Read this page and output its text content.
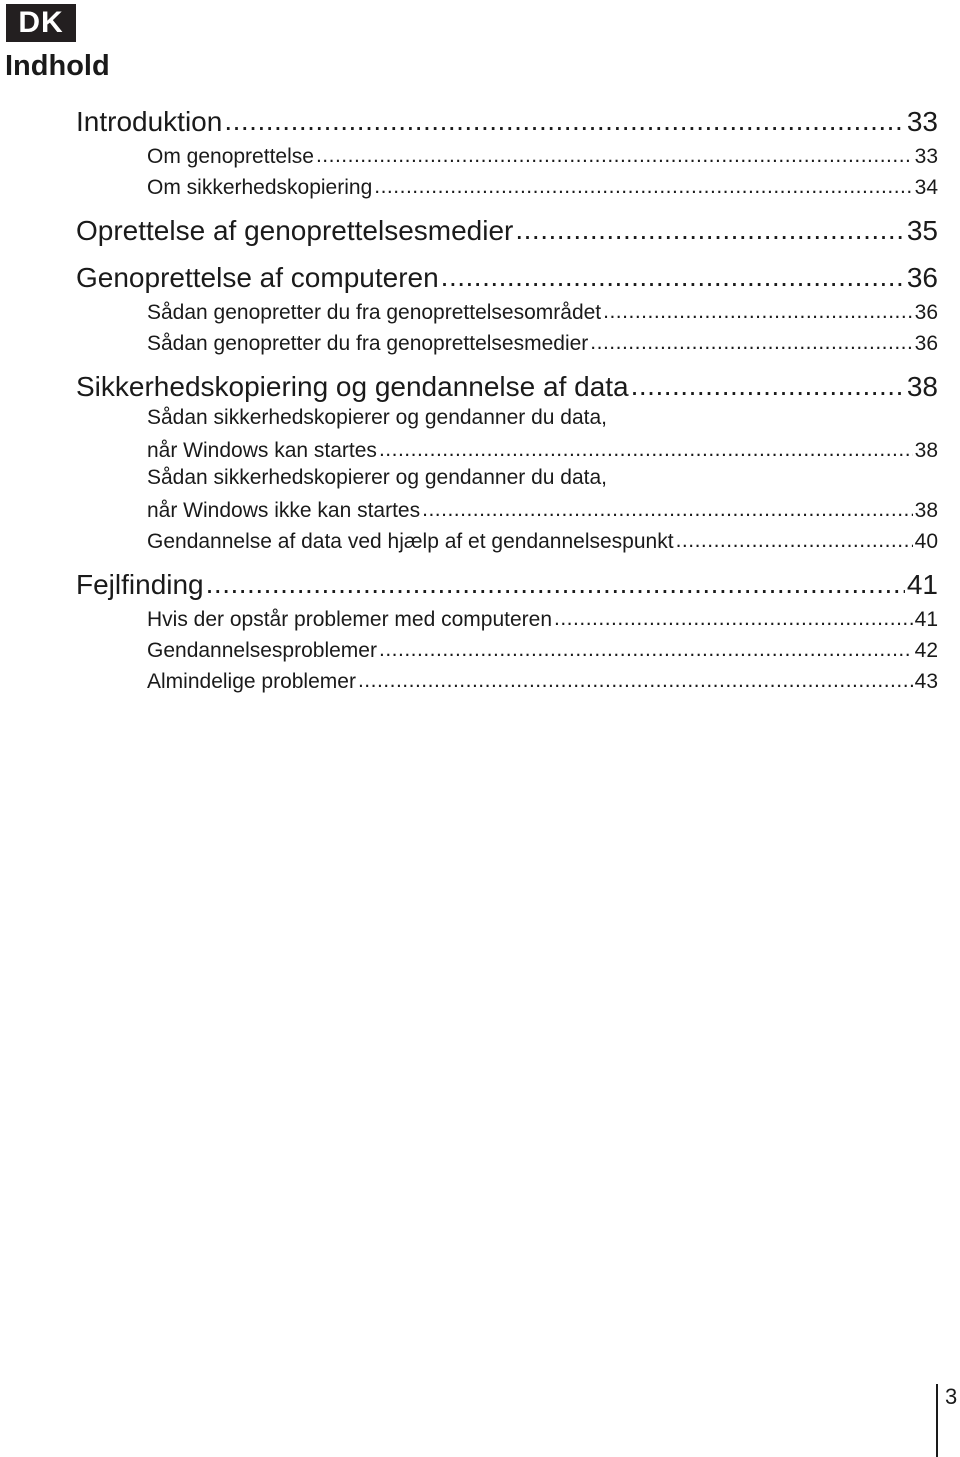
DK
Indhold
Introduktion .....	33
Om genoprettelse .....	33
Om sikkerhedskopiering .....	34
Oprettelse af genoprettelsesmedier .....	35
Genoprettelse af computeren .....	36
Sådan genopretter du fra genoprettelsesområdet .....	36
Sådan genopretter du fra genoprettelsesmedier .....	36
Sikkerhedskopiering og gendannelse af data .....	38
Sådan sikkerhedskopierer og gendanner du data,
når Windows kan startes .....	38
Sådan sikkerhedskopierer og gendanner du data,
når Windows ikke kan startes .....	38
Gendannelse af data ved hjælp af et gendannelsespunkt .....	40
Fejlfinding .....	41
Hvis der opstår problemer med computeren .....	41
Gendannelsesproblemer .....	42
Almindelige problemer .....	43
3
